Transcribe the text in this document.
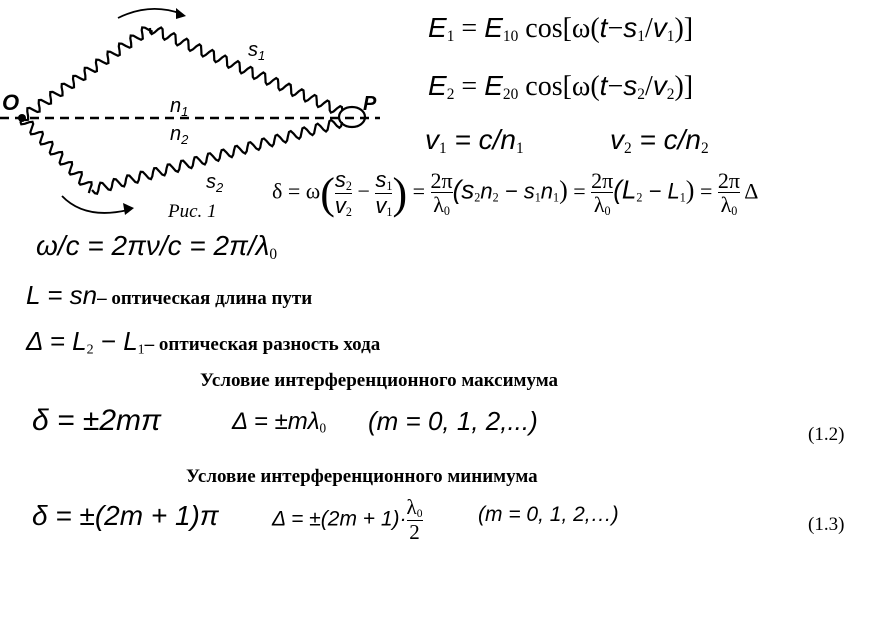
O	P
$s_1$
$n_1$
$n_2$
$s_2$
Рис. 1
$E_1 = E_{10}$ $\cos[\omega(t-s_1/v_1)]$
$E_2 = E_{20}$ $\cos[\omega(t-s_2/v_2)]$
$v_1 = c/n_1$	$v_2 = c/n_2$
$\delta = \omega( \frac{s_2}{v_2} - \frac{s_1}{v_1}$ ) = $\frac{2\pi}{\lambda_0} (s_2n_2 - s_1n_1) = \frac{2\pi}{\lambda_0} (L_2 - L_1) = \frac{2\pi}{\lambda_0}$ Δ
$\omega/c = 2\pi\nu/c = 2\pi/\lambda_0$
L = sn– оптическая длина пути
$\Delta = L_2 - L_1-$ оптическая разность хода
Условие интерференционного максимума
δ = ±2mπ	$\Delta = \pm m\lambda_0$ (m = 0, 1, 2,...)	(1.2)
Условие интерференционного минимума
δ = ±(2m + 1)π	$\Delta = \pm(2m + 1)\cdot \frac{\lambda_0}{2}$	(m = 0, 1, 2,…)	(1.3)
